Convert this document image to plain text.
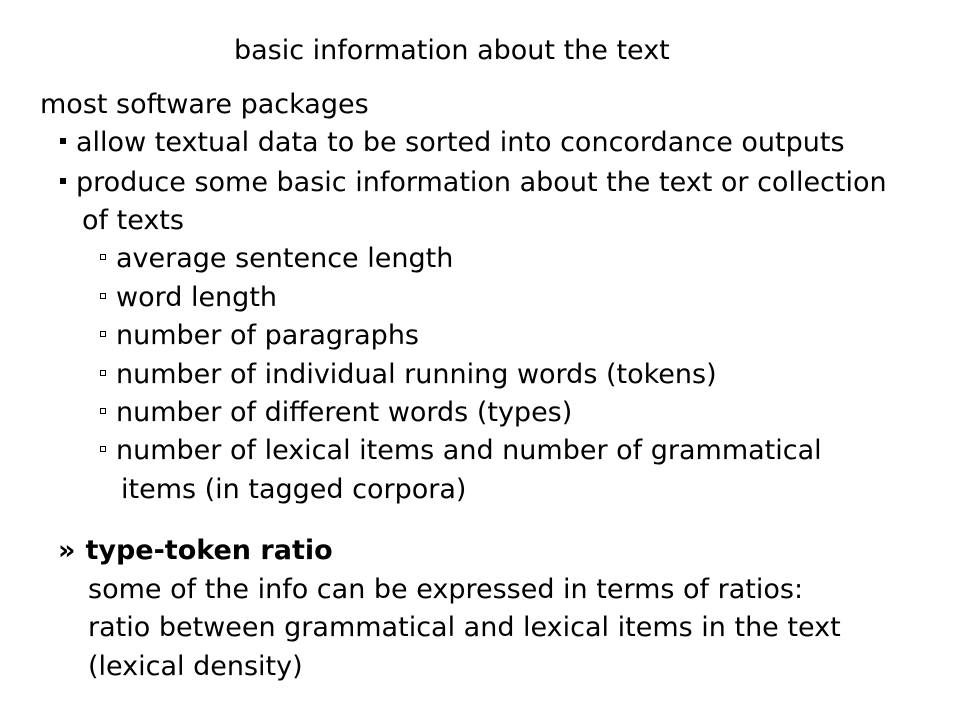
basic information about the text
most software packages
allow textual data to be sorted into concordance outputs
produce some basic information about the text or collection
of texts
average sentence length
word length
number of paragraphs
number of individual running words (tokens)
number of different words (types)
number of lexical items and number of grammatical
items (in tagged corpora)
» type-token ratio
some of the info can be expressed in terms of ratios:
ratio between grammatical and lexical items in the text
(lexical density)
